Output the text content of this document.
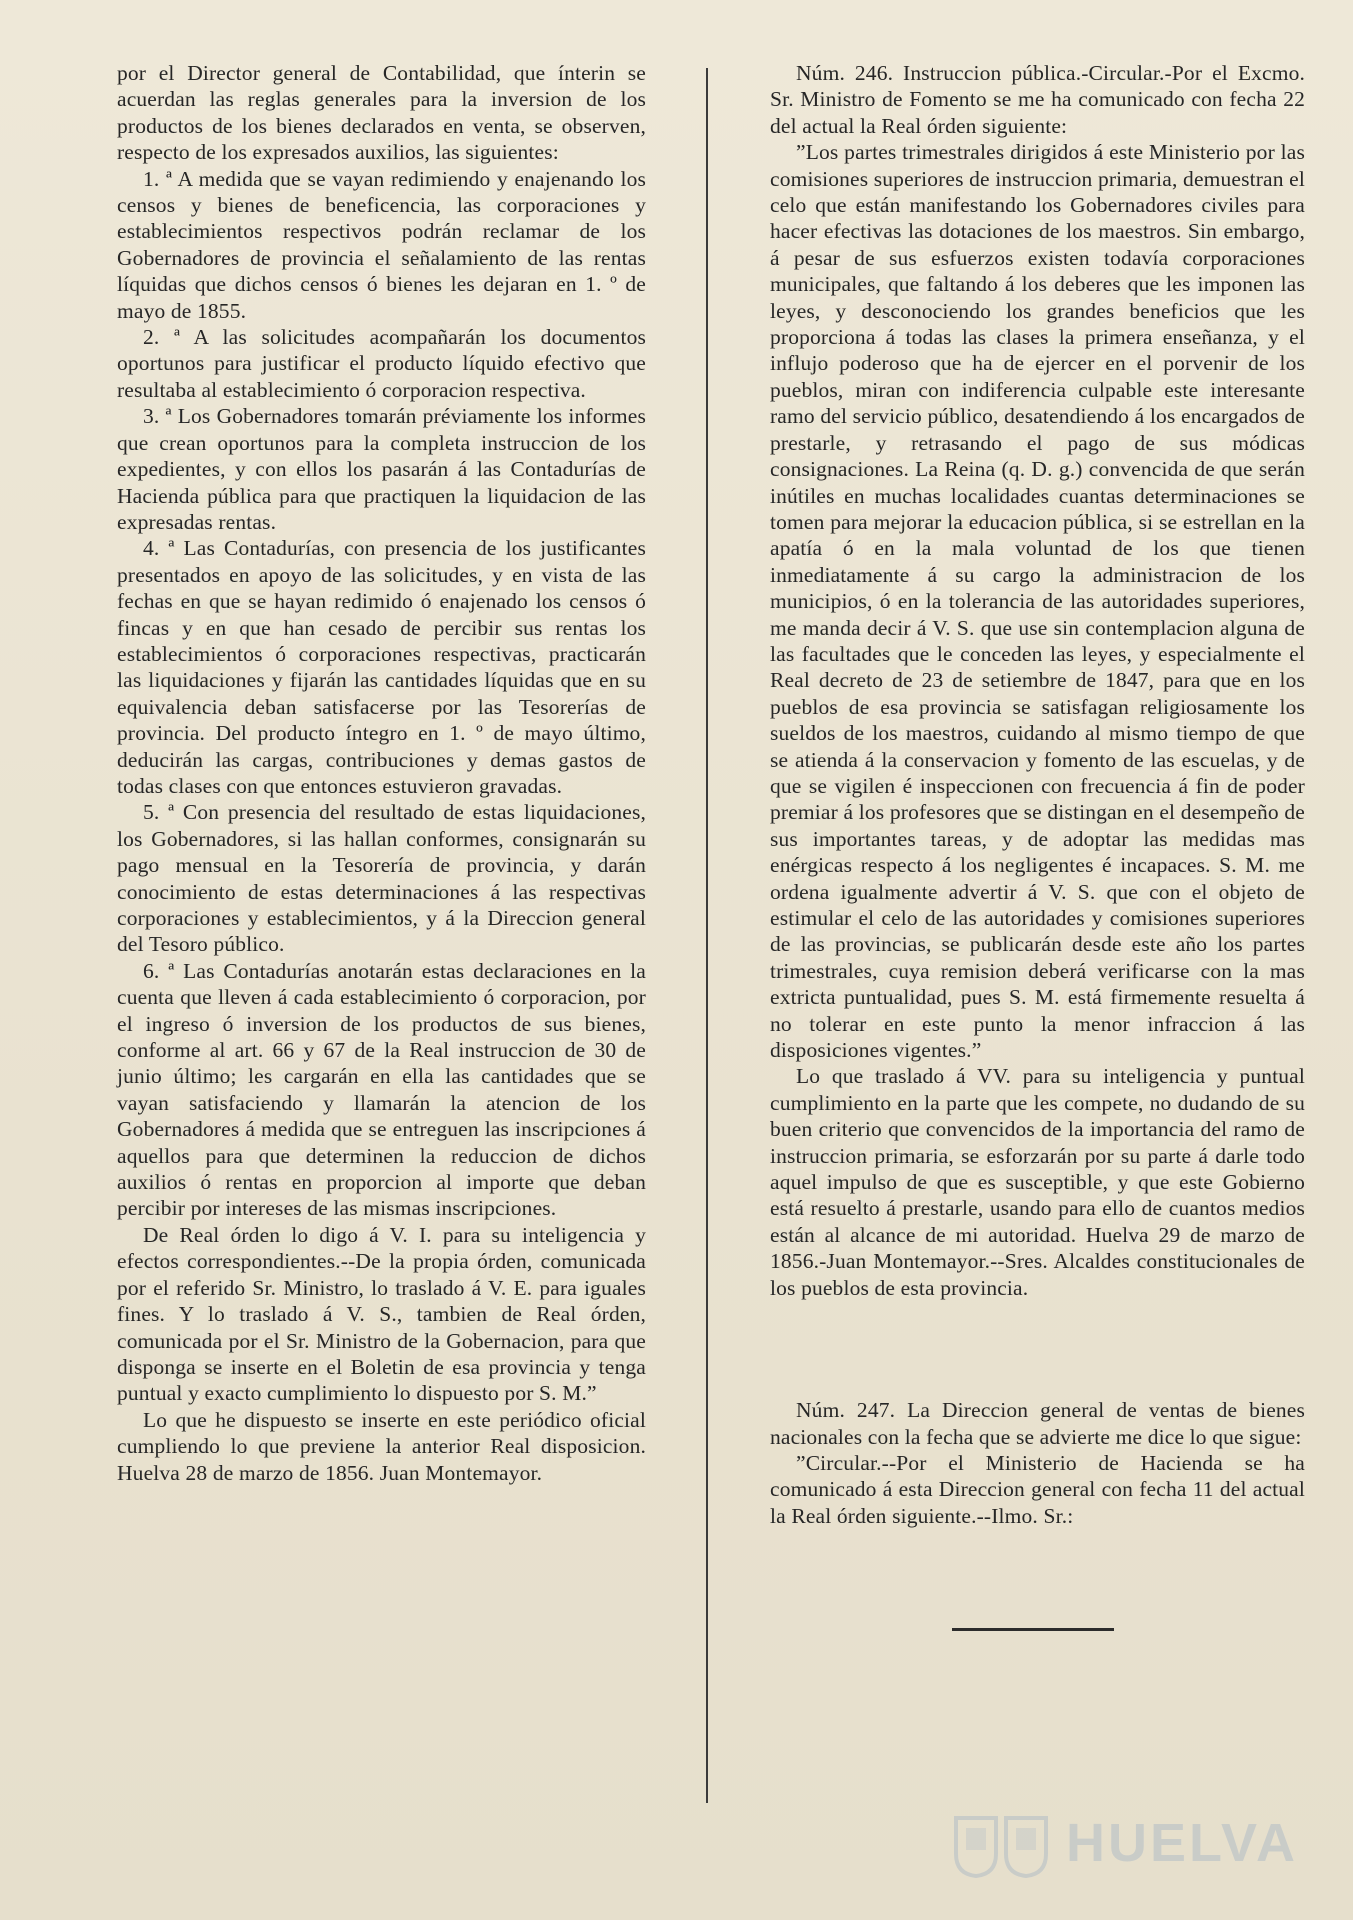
por el Director general de Contabilidad, que ínterin se acuerdan las reglas generales para la inversion de los productos de los bienes declarados en venta, se observen, respecto de los expresados auxilios, las siguientes:

1. ª A medida que se vayan redimiendo y enajenando los censos y bienes de beneficencia, las corporaciones y establecimientos respectivos podrán reclamar de los Gobernadores de provincia el señalamiento de las rentas líquidas que dichos censos ó bienes les dejaran en 1. º de mayo de 1855.

2. ª A las solicitudes acompañarán los documentos oportunos para justificar el producto líquido efectivo que resultaba al establecimiento ó corporacion respectiva.

3. ª Los Gobernadores tomarán préviamente los informes que crean oportunos para la completa instruccion de los expedientes, y con ellos los pasarán á las Contadurías de Hacienda pública para que practiquen la liquidacion de las expresadas rentas.

4. ª Las Contadurías, con presencia de los justificantes presentados en apoyo de las solicitudes, y en vista de las fechas en que se hayan redimido ó enajenado los censos ó fincas y en que han cesado de percibir sus rentas los establecimientos ó corporaciones respectivas, practicarán las liquidaciones y fijarán las cantidades líquidas que en su equivalencia deban satisfacerse por las Tesorerías de provincia. Del producto íntegro en 1. º de mayo último, deducirán las cargas, contribuciones y demas gastos de todas clases con que entonces estuvieron gravadas.

5. ª Con presencia del resultado de estas liquidaciones, los Gobernadores, si las hallan conformes, consignarán su pago mensual en la Tesorería de provincia, y darán conocimiento de estas determinaciones á las respectivas corporaciones y establecimientos, y á la Direccion general del Tesoro público.

6. ª Las Contadurías anotarán estas declaraciones en la cuenta que lleven á cada establecimiento ó corporacion, por el ingreso ó inversion de los productos de sus bienes, conforme al art. 66 y 67 de la Real instruccion de 30 de junio último; les cargarán en ella las cantidades que se vayan satisfaciendo y llamarán la atencion de los Gobernadores á medida que se entreguen las inscripciones á aquellos para que determinen la reduccion de dichos auxilios ó rentas en proporcion al importe que deban percibir por intereses de las mismas inscripciones.

De Real órden lo digo á V. I. para su inteligencia y efectos correspondientes.--De la propia órden, comunicada por el referido Sr. Ministro, lo traslado á V. E. para iguales fines. Y lo traslado á V. S., tambien de Real órden, comunicada por el Sr. Ministro de la Gobernacion, para que disponga se inserte en el Boletin de esa provincia y tenga puntual y exacto cumplimiento lo dispuesto por S. M.”

Lo que he dispuesto se inserte en este periódico oficial cumpliendo lo que previene la anterior Real disposicion. Huelva 28 de marzo de 1856. Juan Montemayor.

Núm. 246. Instruccion pública.-Circular.-Por el Excmo. Sr. Ministro de Fomento se me ha comunicado con fecha 22 del actual la Real órden siguiente:

”Los partes trimestrales dirigidos á este Ministerio por las comisiones superiores de instruccion primaria, demuestran el celo que están manifestando los Gobernadores civiles para hacer efectivas las dotaciones de los maestros. Sin embargo, á pesar de sus esfuerzos existen todavía corporaciones municipales, que faltando á los deberes que les imponen las leyes, y desconociendo los grandes beneficios que les proporciona á todas las clases la primera enseñanza, y el influjo poderoso que ha de ejercer en el porvenir de los pueblos, miran con indiferencia culpable este interesante ramo del servicio público, desatendiendo á los encargados de prestarle, y retrasando el pago de sus módicas consignaciones. La Reina (q. D. g.) convencida de que serán inútiles en muchas localidades cuantas determinaciones se tomen para mejorar la educacion pública, si se estrellan en la apatía ó en la mala voluntad de los que tienen inmediatamente á su cargo la administracion de los municipios, ó en la tolerancia de las autoridades superiores, me manda decir á V. S. que use sin contemplacion alguna de las facultades que le conceden las leyes, y especialmente el Real decreto de 23 de setiembre de 1847, para que en los pueblos de esa provincia se satisfagan religiosamente los sueldos de los maestros, cuidando al mismo tiempo de que se atienda á la conservacion y fomento de las escuelas, y de que se vigilen é inspeccionen con frecuencia á fin de poder premiar á los profesores que se distingan en el desempeño de sus importantes tareas, y de adoptar las medidas mas enérgicas respecto á los negligentes é incapaces. S. M. me ordena igualmente advertir á V. S. que con el objeto de estimular el celo de las autoridades y comisiones superiores de las provincias, se publicarán desde este año los partes trimestrales, cuya remision deberá verificarse con la mas extricta puntualidad, pues S. M. está firmemente resuelta á no tolerar en este punto la menor infraccion á las disposiciones vigentes.”

Lo que traslado á VV. para su inteligencia y puntual cumplimiento en la parte que les compete, no dudando de su buen criterio que convencidos de la importancia del ramo de instruccion primaria, se esforzarán por su parte á darle todo aquel impulso de que es susceptible, y que este Gobierno está resuelto á prestarle, usando para ello de cuantos medios están al alcance de mi autoridad. Huelva 29 de marzo de 1856.-Juan Montemayor.--Sres. Alcaldes constitucionales de los pueblos de esta provincia.

Núm. 247. La Direccion general de ventas de bienes nacionales con la fecha que se advierte me dice lo que sigue:

”Circular.--Por el Ministerio de Hacienda se ha comunicado á esta Direccion general con fecha 11 del actual la Real órden siguiente.--Ilmo. Sr.:

HUELVA
